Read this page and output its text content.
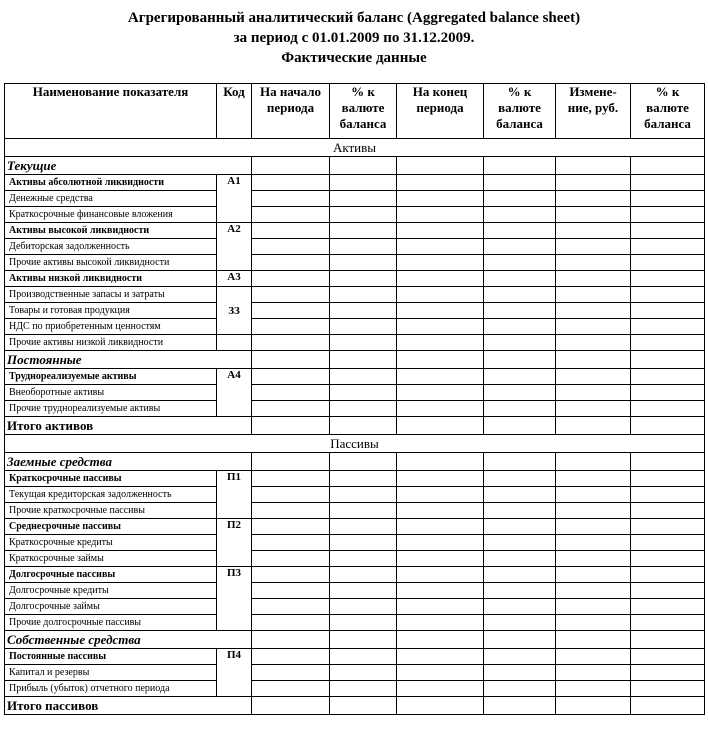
Агрегированный аналитический баланс (Aggregated balance sheet)
за период с 01.01.2009 по 31.12.2009.
Фактические данные
Наименование показателя	Код	На начало периода	% к валюте баланса	На конец периода	% к валюте баланса	Измене-ние, руб.	% к валюте баланса
Активы							
Текущие							
Активы абсолютной ликвидности	А1						
Денежные средства							
Краткосрочные финансовые вложения							
Активы высокой ликвидности	А2						
Дебиторская задолженность							
Прочие активы высокой ликвидности							
Активы низкой ликвидности	А3						
Производственные запасы и затраты	ЗЗ						
Товары и готовая продукция							
НДС по приобретенным ценностям							
Прочие активы низкой ликвидности							
Постоянные							
Труднореализуемые активы	А4						
Внеоборотные активы							
Прочие труднореализуемые активы							
Итого активов							
Пассивы							
Заемные средства							
Краткосрочные пассивы	П1						
Текущая кредиторская задолженность							
Прочие краткосрочные пассивы							
Среднесрочные пассивы	П2						
Краткосрочные кредиты							
Краткосрочные займы							
Долгосрочные пассивы	П3						
Долгосрочные кредиты							
Долгосрочные займы							
Прочие долгосрочные пассивы							
Собственные средства							
Постоянные пассивы	П4						
Капитал и резервы							
Прибыль (убыток) отчетного периода							
Итого пассивов							
